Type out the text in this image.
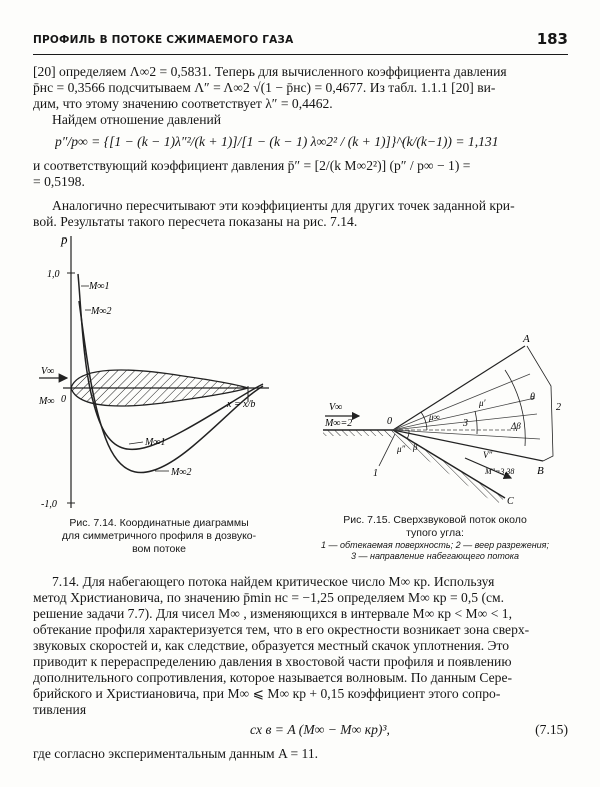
ПРОФИЛЬ В ПОТОКЕ СЖИМАЕМОГО ГАЗА	183
[20] определяем Λ∞2 = 0,5831. Теперь для вычисленного коэффициента давления
p̄нс = 0,3566 подсчитываем Λ″ = Λ∞2 √(1 − p̄нс) = 0,4677. Из табл. 1.1.1 [20] ви-
дим, что этому значению соответствует λ″ = 0,4462.
Найдем отношение давлений
p″/p∞ = {[1 − (k − 1)λ″²/(k + 1)]/[1 − (k − 1) λ∞2² / (k + 1)]}^(k/(k−1)) = 1,131
и соответствующий коэффициент давления p̄″ = [2/(k M∞2²)] (p″ / p∞ − 1) =
= 0,5198.
Аналогично пересчитывают эти коэффициенты для других точек заданной кри-
вой. Результаты такого пересчета показаны на рис. 7.14.
p̄
1,0
-1,0
0	x = x/b
V∞
M∞
M∞1
M∞2
M∞1
M∞2
Рис. 7.14. Координатные диаграммы
для симметричного профиля в дозвуко-
вом потоке
A
B
C
0
V∞
M∞=2
μ∞
μ′
μ″ β
Δβ
θ
V″
M″=3,38
1
2
3
Рис. 7.15. Сверхзвуковой поток около
тупого угла:
1 — обтекаемая поверхность; 2 — веер разрежения;
3 — направление набегающего потока
7.14. Для набегающего потока найдем критическое число M∞ кр. Используя
метод Христиановича, по значению p̄min нс = −1,25 определяем M∞ кр = 0,5 (см.
решение задачи 7.7). Для чисел M∞ , изменяющихся в интервале M∞ кр < M∞ < 1,
обтекание профиля характеризуется тем, что в его окрестности возникает зона сверх-
звуковых скоростей и, как следствие, образуется местный скачок уплотнения. Это
приводит к перераспределению давления в хвостовой части профиля и появлению
дополнительного сопротивления, которое называется волновым. По данным Сере-
брийского и Христиановича, при M∞ ⩽ M∞ кр + 0,15 коэффициент этого сопро-
тивления
cx в = A (M∞ − M∞ кр)³,	(7.15)
где согласно экспериментальным данным A = 11.
